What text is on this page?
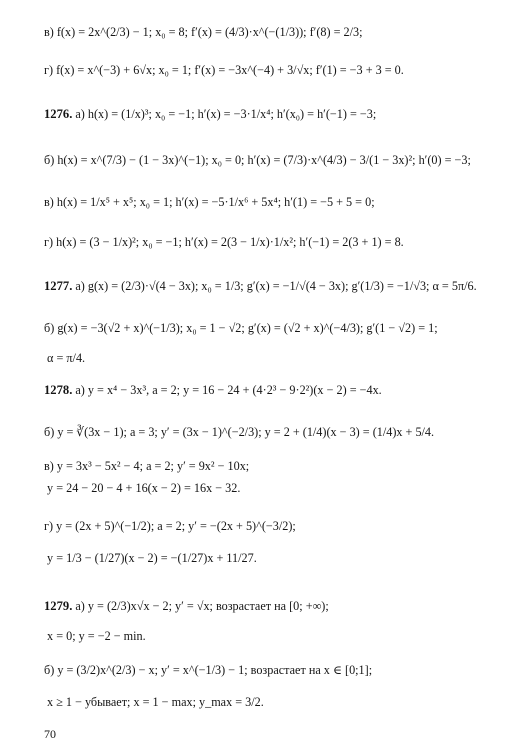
в) f(x) = 2x^(2/3) − 1; x₀ = 8; f′(x) = (4/3)·x^(−(1/3)); f′(8) = 2/3;
г) f(x) = x^(−3) + 6√x; x₀ = 1; f′(x) = −3x^(−4) + 3/√x; f′(1) = −3 + 3 = 0.
1276. а) h(x) = (1/x)³; x₀ = −1; h′(x) = −3·1/x⁴; h′(x₀) = h′(−1) = −3;
б) h(x) = x^(7/3) − (1 − 3x)^(−1); x₀ = 0; h′(x) = (7/3)·x^(4/3) − 3/(1 − 3x)²; h′(0) = −3;
в) h(x) = 1/x⁵ + x⁵; x₀ = 1; h′(x) = −5·1/x⁶ + 5x⁴; h′(1) = −5 + 5 = 0;
г) h(x) = (3 − 1/x)²; x₀ = −1; h′(x) = 2(3 − 1/x)·1/x²; h′(−1) = 2(3 + 1) = 8.
1277. а) g(x) = (2/3)·√(4 − 3x); x₀ = 1/3; g′(x) = −1/√(4 − 3x); g′(1/3) = −1/√3; α = 5π/6.
б) g(x) = −3(√2 + x)^(−1/3); x₀ = 1 − √2; g′(x) = (√2 + x)^(−4/3); g′(1 − √2) = 1;
α = π/4.
1278. а) y = x⁴ − 3x³, a = 2; y = 16 − 24 + (4·2³ − 9·2²)(x − 2) = −4x.
б) y = ∛(3x − 1); a = 3; y′ = (3x − 1)^(−2/3); y = 2 + (1/4)(x − 3) = (1/4)x + 5/4.
в) y = 3x³ − 5x² − 4; a = 2; y′ = 9x² − 10x;
y = 24 − 20 − 4 + 16(x − 2) = 16x − 32.
г) y = (2x + 5)^(−1/2); a = 2; y′ = −(2x + 5)^(−3/2);
y = 1/3 − (1/27)(x − 2) = −(1/27)x + 11/27.
1279. а) y = (2/3)x√x − 2; y′ = √x; возрастает на [0; +∞);
x = 0; y = −2 − min.
б) y = (3/2)x^(2/3) − x; y′ = x^(−1/3) − 1; возрастает на x ∈ [0;1];
x ≥ 1 − убывает; x = 1 − max; y_max = 3/2.
70
